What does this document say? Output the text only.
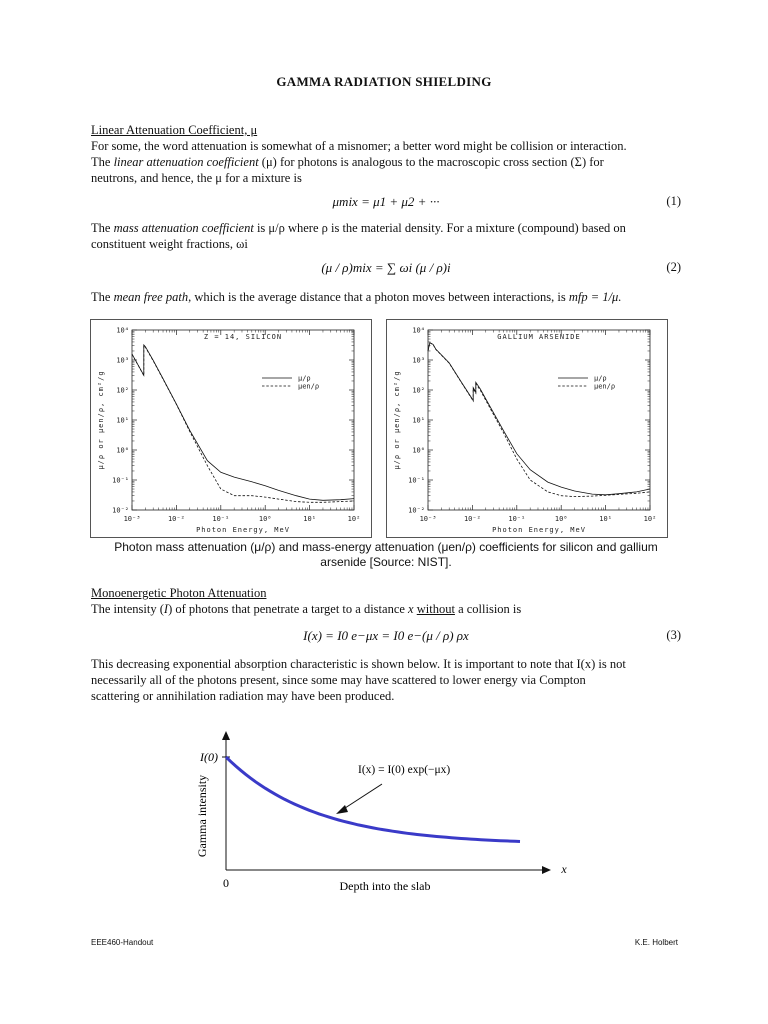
GAMMA RADIATION SHIELDING
Linear Attenuation Coefficient, μ
For some, the word attenuation is somewhat of a misnomer; a better word might be collision or interaction.
The linear attenuation coefficient (μ) for photons is analogous to the macroscopic cross section (Σ) for
neutrons, and hence, the μ for a mixture is
μmix = μ1 + μ2 + ···	(1)
The mass attenuation coefficient is μ/ρ where ρ is the material density. For a mixture (compound) based on
constituent weight fractions, ωi
(μ / ρ)mix = ∑ ωi (μ / ρ)i	(2)
The mean free path, which is the average distance that a photon moves between interactions, is mfp = 1/μ.
10⁻³	10⁻²	10⁻¹	10⁰	10¹	10²
10⁻²
10⁻¹
10⁰
10¹
10²
10³
10⁴
Z = 14, SILICON
Photon Energy, MeV
μ/ρ or μen/ρ, cm²/g	μ/ρ
μen/ρ
10⁻³	10⁻²	10⁻¹	10⁰	10¹	10²
10⁻²
10⁻¹
10⁰
10¹
10²
10³
10⁴
GALLIUM ARSENIDE
Photon Energy, MeV
μ/ρ or μen/ρ, cm²/g	μ/ρ
μen/ρ
Photon mass attenuation (μ/ρ) and mass-energy attenuation (μen/ρ) coefficients for silicon and gallium
arsenide [Source: NIST].
Monoenergetic Photon Attenuation
The intensity (I) of photons that penetrate a target to a distance x without a collision is
I(x) = I0 e−μx = I0 e−(μ / ρ) ρx	(3)
This decreasing exponential absorption characteristic is shown below. It is important to note that I(x) is not
necessarily all of the photons present, since some may have scattered to lower energy via Compton
scattering or annihilation radiation may have been produced.
I(0)
Gamma intensity
0	Depth into the slab
x
I(x) = I(0) exp(−μx)
EEE460-Handout	K.E. Holbert
